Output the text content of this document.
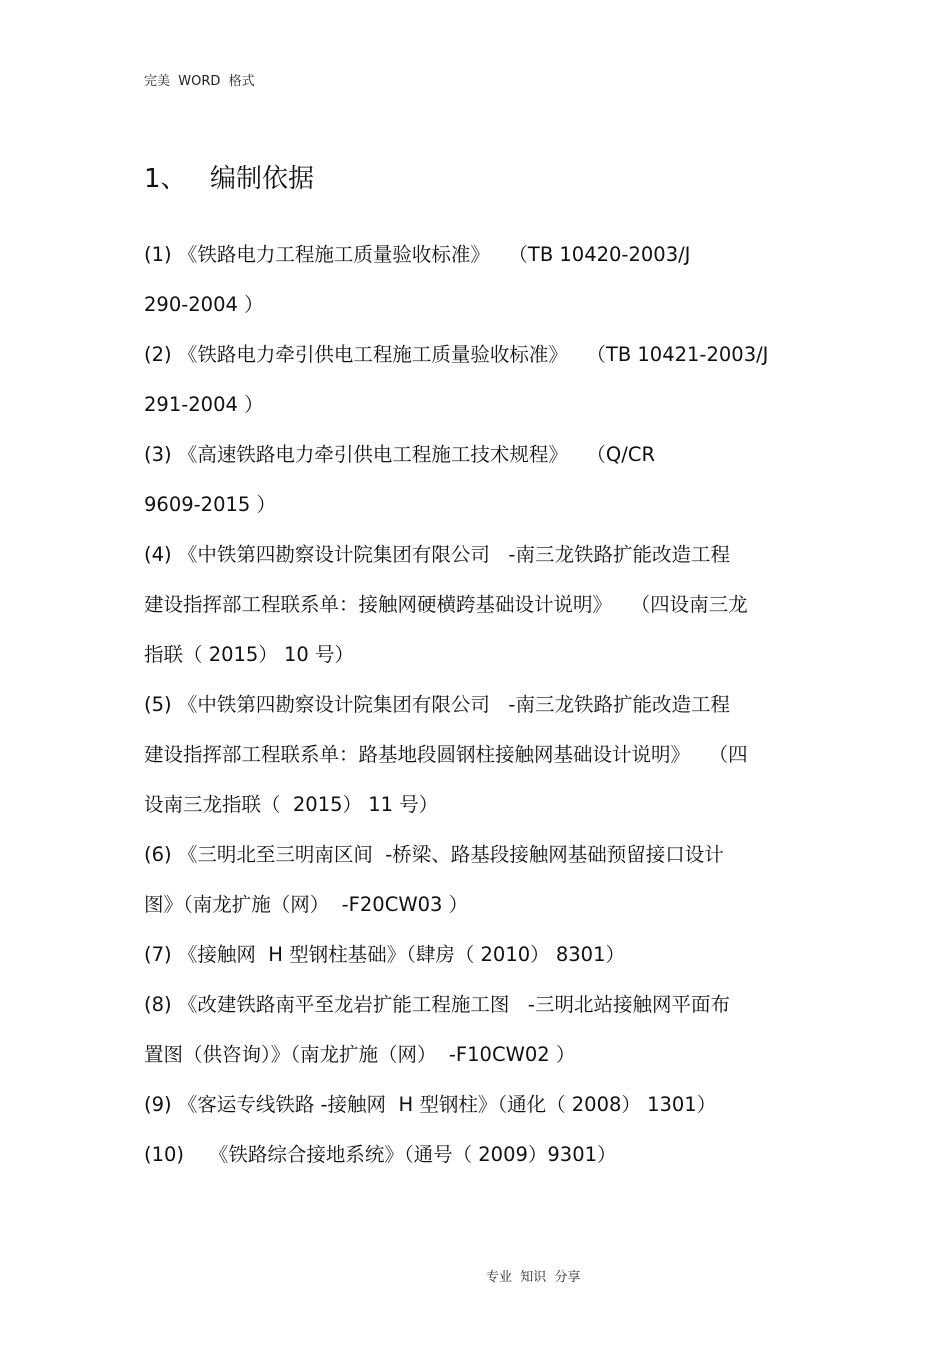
完美  WORD  格式
1、 编制依据
(1) 《铁路电力工程施工质量验收标准》   （TB 10420-2003/J
290-2004 ）
(2) 《铁路电力牵引供电工程施工质量验收标准》   （TB 10421-2003/J
291-2004 ）
(3) 《高速铁路电力牵引供电工程施工技术规程》   （Q/CR
9609-2015 ）
(4) 《中铁第四勘察设计院集团有限公司   -南三龙铁路扩能改造工程
建设指挥部工程联系单：接触网硬横跨基础设计说明》   （四设南三龙
指联（ 2015） 10 号）
(5) 《中铁第四勘察设计院集团有限公司   -南三龙铁路扩能改造工程
建设指挥部工程联系单：路基地段圆钢柱接触网基础设计说明》   （四
设南三龙指联（  2015） 11 号）
(6) 《三明北至三明南区间  -桥梁、路基段接触网基础预留接口设计
图》（南龙扩施（网）  -F20CW03 ）
(7) 《接触网  H 型钢柱基础》（肆房（ 2010） 8301）
(8) 《改建铁路南平至龙岩扩能工程施工图   -三明北站接触网平面布
置图（供咨询）》（南龙扩施（网）  -F10CW02 ）
(9) 《客运专线铁路 -接触网  H 型钢柱》（通化（ 2008） 1301）
(10)    《铁路综合接地系统》（通号（ 2009）9301）

专业  知识  分享
